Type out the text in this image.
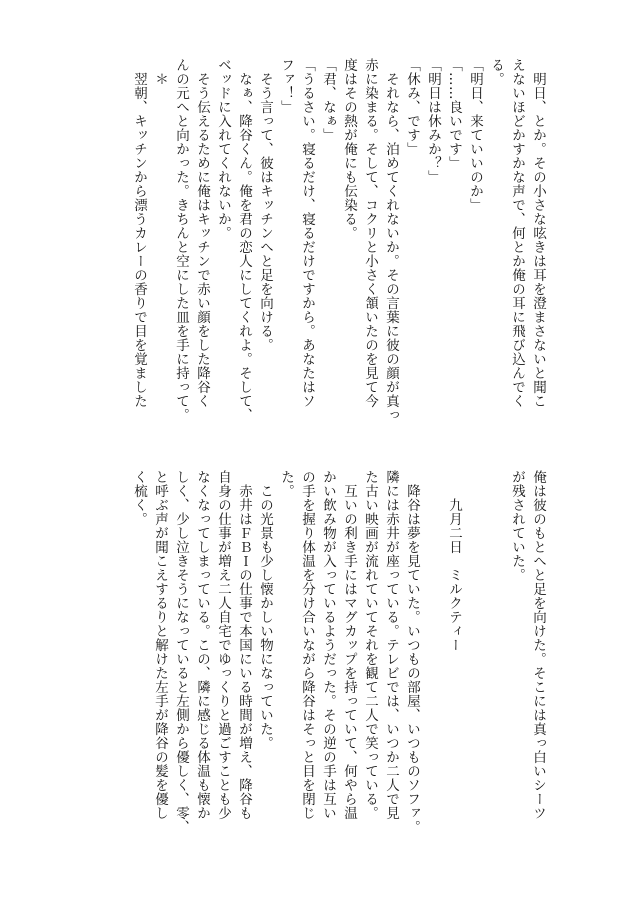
　明日、とか。その小さな呟きは耳を澄まさないと聞こ
えないほどかすかな声で、何とか俺の耳に飛び込んでく
る。
「明日、来ていいのか」
「……良いです」
「明日は休みか？」
「休み、です」
　それなら、泊めてくれないか。その言葉に彼の顔が真っ
赤に染まる。そして、コクリと小さく頷いたのを見て今
度はその熱が俺にも伝染る。
「君、なぁ」
「うるさい。寝るだけ、寝るだけですから。あなたはソ
ファ！」
　そう言って、彼はキッチンへと足を向ける。
　なぁ、降谷くん。俺を君の恋人にしてくれよ。そして、
ベッドに入れてくれないか。
　そう伝えるために俺はキッチンで赤い顔をした降谷く
んの元へと向かった。きちんと空にした皿を手に持って。
　＊
　翌朝、キッチンから漂うカレーの香りで目を覚ました
俺は彼のもとへと足を向けた。そこには真っ白いシーツ
が残されていた。

　　九月二日　ミルクティー

　降谷は夢を見ていた。いつもの部屋、いつものソファ。
隣には赤井が座っている。テレビでは、いつか二人で見
た古い映画が流れていてそれを観て二人で笑っている。
　互いの利き手にはマグカップを持っていて、何やら温
かい飲み物が入っているようだった。その逆の手は互い
の手を握り体温を分け合いながら降谷はそっと目を閉じ
た。
　この光景も少し懐かしい物になっていた。
　赤井はＦＢＩの仕事で本国にいる時間が増え、降谷も
自身の仕事が増え二人自宅でゆっくりと過ごすことも少
なくなってしまっている。この、隣に感じる体温も懐か
しく、少し泣きそうになっていると左側から優しく、零、
と呼ぶ声が聞こえするりと解けた左手が降谷の髪を優し
く梳く。
